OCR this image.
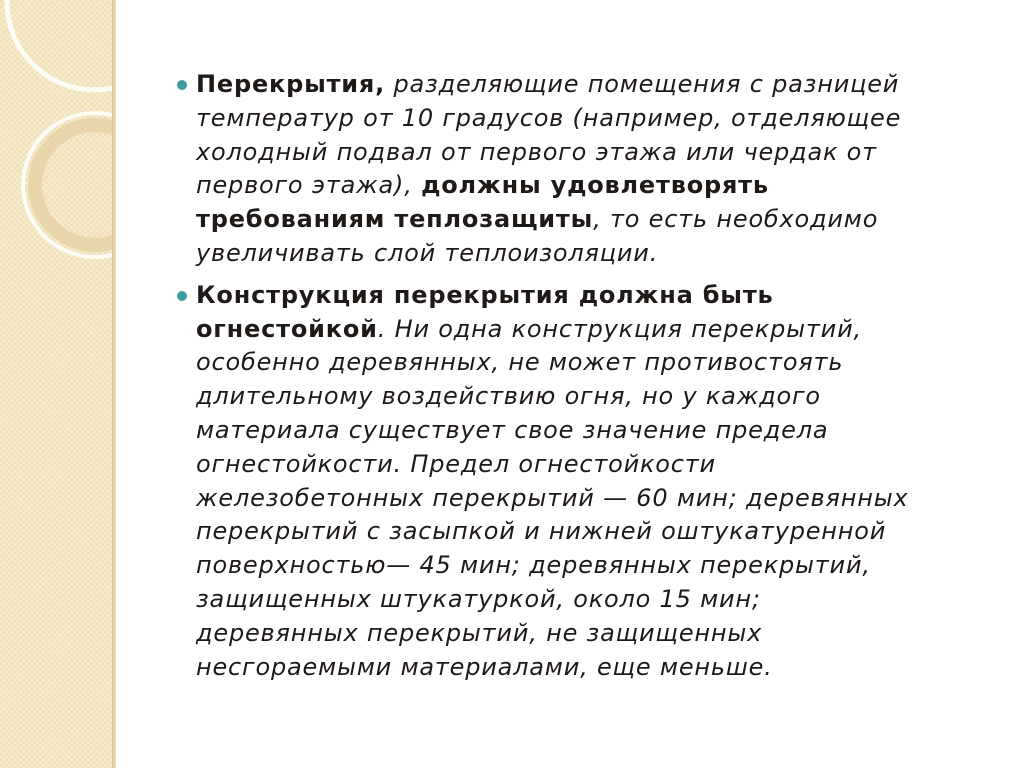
Перекрытия, разделяющие помещения с разницей
температур от 10 градусов (например, отделяющее
холодный подвал от первого этажа или чердак от
первого этажа), должны удовлетворять
требованиям теплозащиты, то есть необходимо
увеличивать слой теплоизоляции.
Конструкция перекрытия должна быть
огнестойкой. Ни одна конструкция перекрытий,
особенно деревянных, не может противостоять
длительному воздействию огня, но у каждого
материала существует свое значение предела
огнестойкости. Предел огнестойкости
железобетонных перекрытий — 60 мин; деревянных
перекрытий с засыпкой и нижней оштукатуренной
поверхностью— 45 мин; деревянных перекрытий,
защищенных штукатуркой, около 15 мин;
деревянных перекрытий, не защищенных
несгораемыми материалами, еще меньше.
